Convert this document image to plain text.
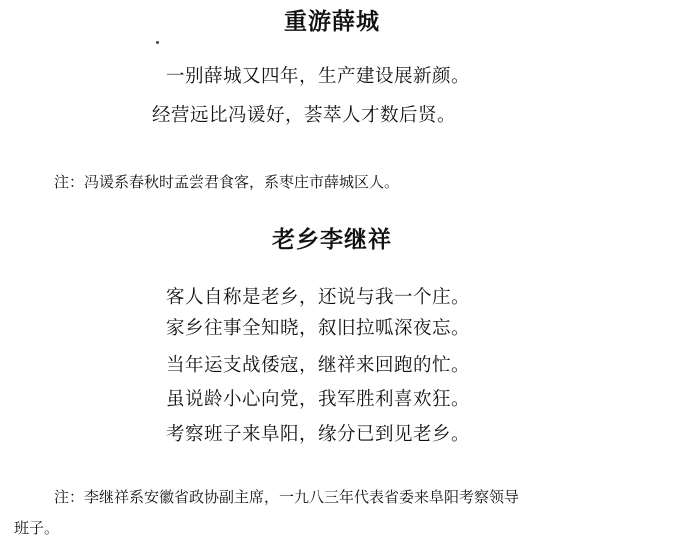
重游薛城
一别薛城又四年，生产建设展新颜。
经营远比冯谖好，荟萃人才数后贤。
注：冯谖系春秋时孟尝君食客，系枣庄市薛城区人。
老乡李继祥
客人自称是老乡，还说与我一个庄。
家乡往事全知晓，叙旧拉呱深夜忘。
当年运支战倭寇，继祥来回跑的忙。
虽说龄小心向党，我军胜利喜欢狂。
考察班子来阜阳，缘分已到见老乡。
注：李继祥系安徽省政协副主席，一九八三年代表省委来阜阳考察领导
班子。
